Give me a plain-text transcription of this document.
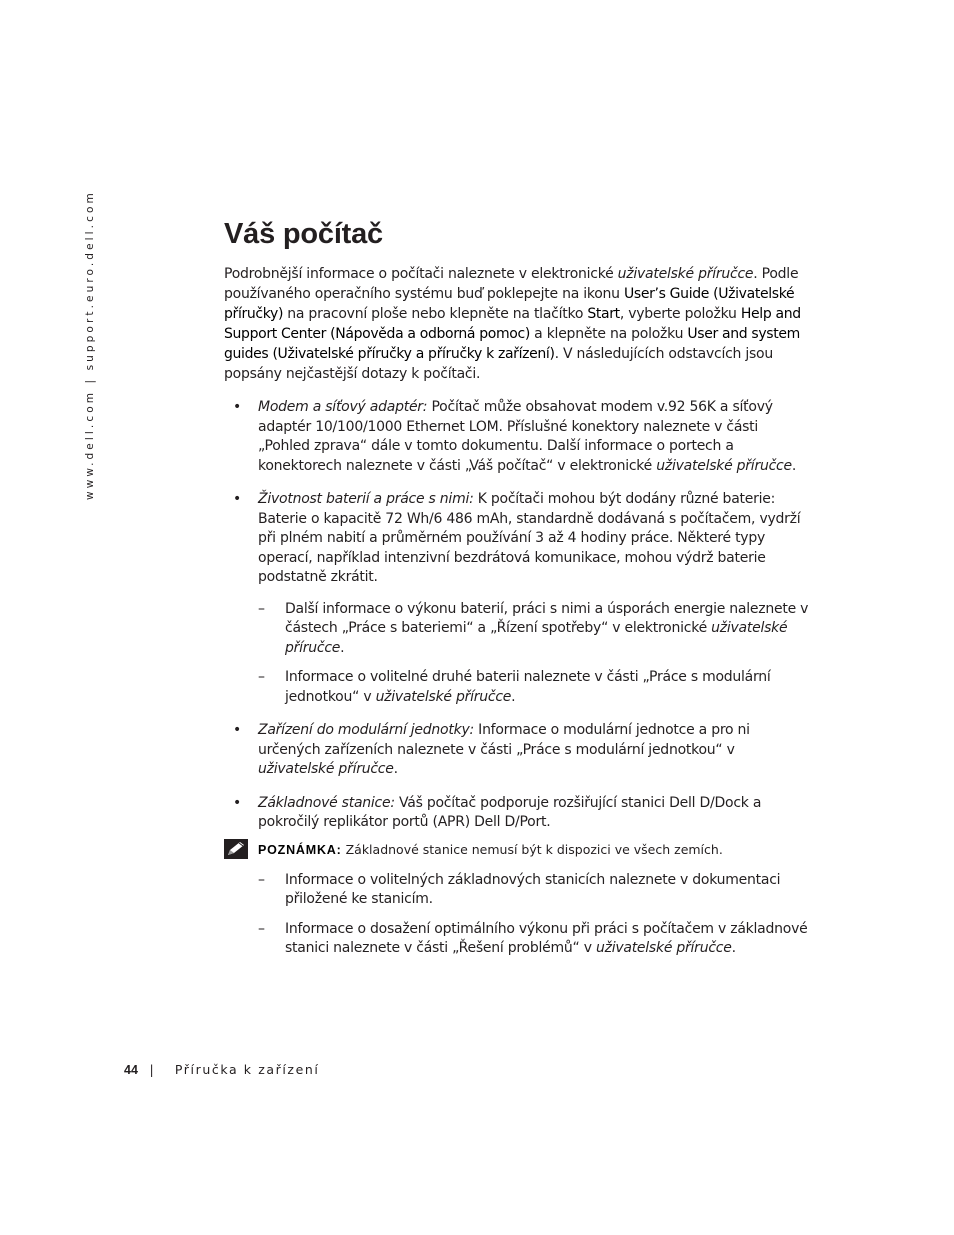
www.dell.com | support.euro.dell.com	Váš počítač

Podrobnější informace o počítači naleznete v elektronické uživatelské příručce. Podle používaného operačního systému buď poklepejte na ikonu User’s Guide (Uživatelské příručky) na pracovní ploše nebo klepněte na tlačítko Start, vyberte položku Help and Support Center (Nápověda a odborná pomoc) a klepněte na položku User and system guides (Uživatelské příručky a příručky k zařízení). V následujících odstavcích jsou popsány nejčastější dotazy k počítači.

• Modem a síťový adaptér: Počítač může obsahovat modem v.92 56K a síťový adaptér 10/100/1000 Ethernet LOM. Příslušné konektory naleznete v části „Pohled zprava“ dále v tomto dokumentu. Další informace o portech a konektorech naleznete v části „Váš počítač“ v elektronické uživatelské příručce.
• Životnost baterií a práce s nimi: K počítači mohou být dodány různé baterie: Baterie o kapacitě 72 Wh/6 486 mAh, standardně dodávaná s počítačem, vydrží při plném nabití a průměrném používání 3 až 4 hodiny práce. Některé typy operací, například intenzivní bezdrátová komunikace, mohou výdrž baterie podstatně zkrátit.
– Další informace o výkonu baterií, práci s nimi a úsporách energie naleznete v částech „Práce s bateriemi“ a „Řízení spotřeby“ v elektronické uživatelské příručce.
– Informace o volitelné druhé baterii naleznete v části „Práce s modulární jednotkou“ v uživatelské příručce.
• Zařízení do modulární jednotky: Informace o modulární jednotce a pro ni určených zařízeních naleznete v části „Práce s modulární jednotkou“ v uživatelské příručce.
• Základnové stanice: Váš počítač podporuje rozšiřující stanici Dell D/Dock a pokročilý replikátor portů (APR) Dell D/Port.
POZNÁMKA: Základnové stanice nemusí být k dispozici ve všech zemích.
– Informace o volitelných základnových stanicích naleznete v dokumentaci přiložené ke stanicím.
– Informace o dosažení optimálního výkonu při práci s počítačem v základnové stanici naleznete v části „Řešení problémů“ v uživatelské příručce.
44 | Příručka k zařízení
